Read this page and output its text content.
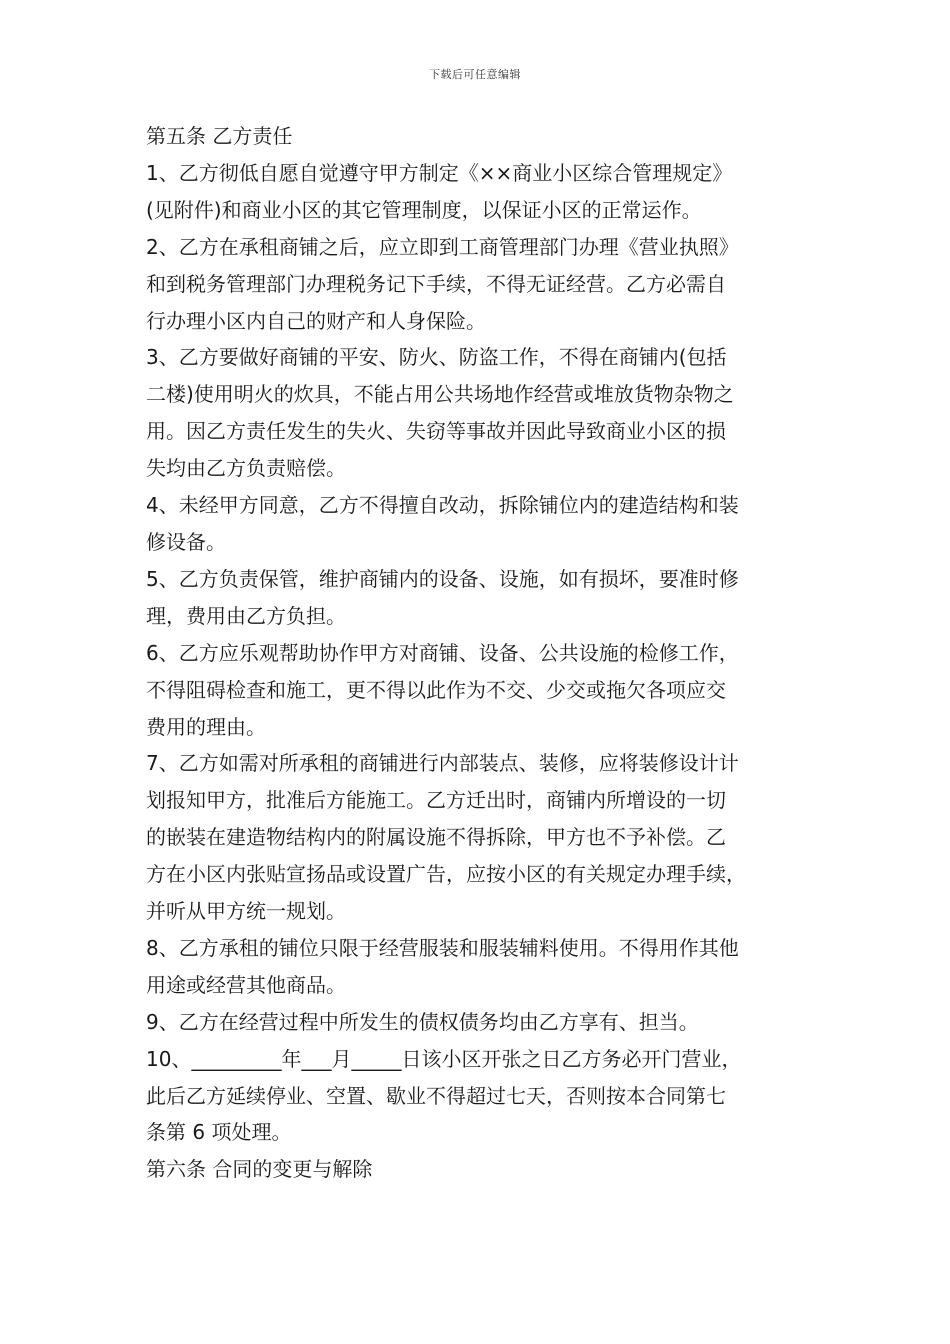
下载后可任意编辑
第五条 乙方责任
1、乙方彻低自愿自觉遵守甲方制定《××商业小区综合管理规定》
(见附件)和商业小区的其它管理制度，以保证小区的正常运作。
2、乙方在承租商铺之后，应立即到工商管理部门办理《营业执照》
和到税务管理部门办理税务记下手续，不得无证经营。乙方必需自
行办理小区内自己的财产和人身保险。
3、乙方要做好商铺的平安、防火、防盗工作，不得在商铺内(包括
二楼)使用明火的炊具，不能占用公共场地作经营或堆放货物杂物之
用。因乙方责任发生的失火、失窃等事故并因此导致商业小区的损
失均由乙方负责赔偿。
4、未经甲方同意，乙方不得擅自改动，拆除铺位内的建造结构和装
修设备。
5、乙方负责保管，维护商铺内的设备、设施，如有损坏，要准时修
理，费用由乙方负担。
6、乙方应乐观帮助协作甲方对商铺、设备、公共设施的检修工作，
不得阻碍检查和施工，更不得以此作为不交、少交或拖欠各项应交
费用的理由。
7、乙方如需对所承租的商铺进行内部装点、装修，应将装修设计计
划报知甲方，批准后方能施工。乙方迁出时，商铺内所增设的一切
的嵌装在建造物结构内的附属设施不得拆除，甲方也不予补偿。乙
方在小区内张贴宣扬品或设置广告，应按小区的有关规定办理手续，
并听从甲方统一规划。
8、乙方承租的铺位只限于经营服装和服装辅料使用。不得用作其他
用途或经营其他商品。
9、乙方在经营过程中所发生的债权债务均由乙方享有、担当。
10、_________年___月_____日该小区开张之日乙方务必开门营业，
此后乙方延续停业、空置、歇业不得超过七天，否则按本合同第七
条第 6 项处理。
第六条 合同的变更与解除
